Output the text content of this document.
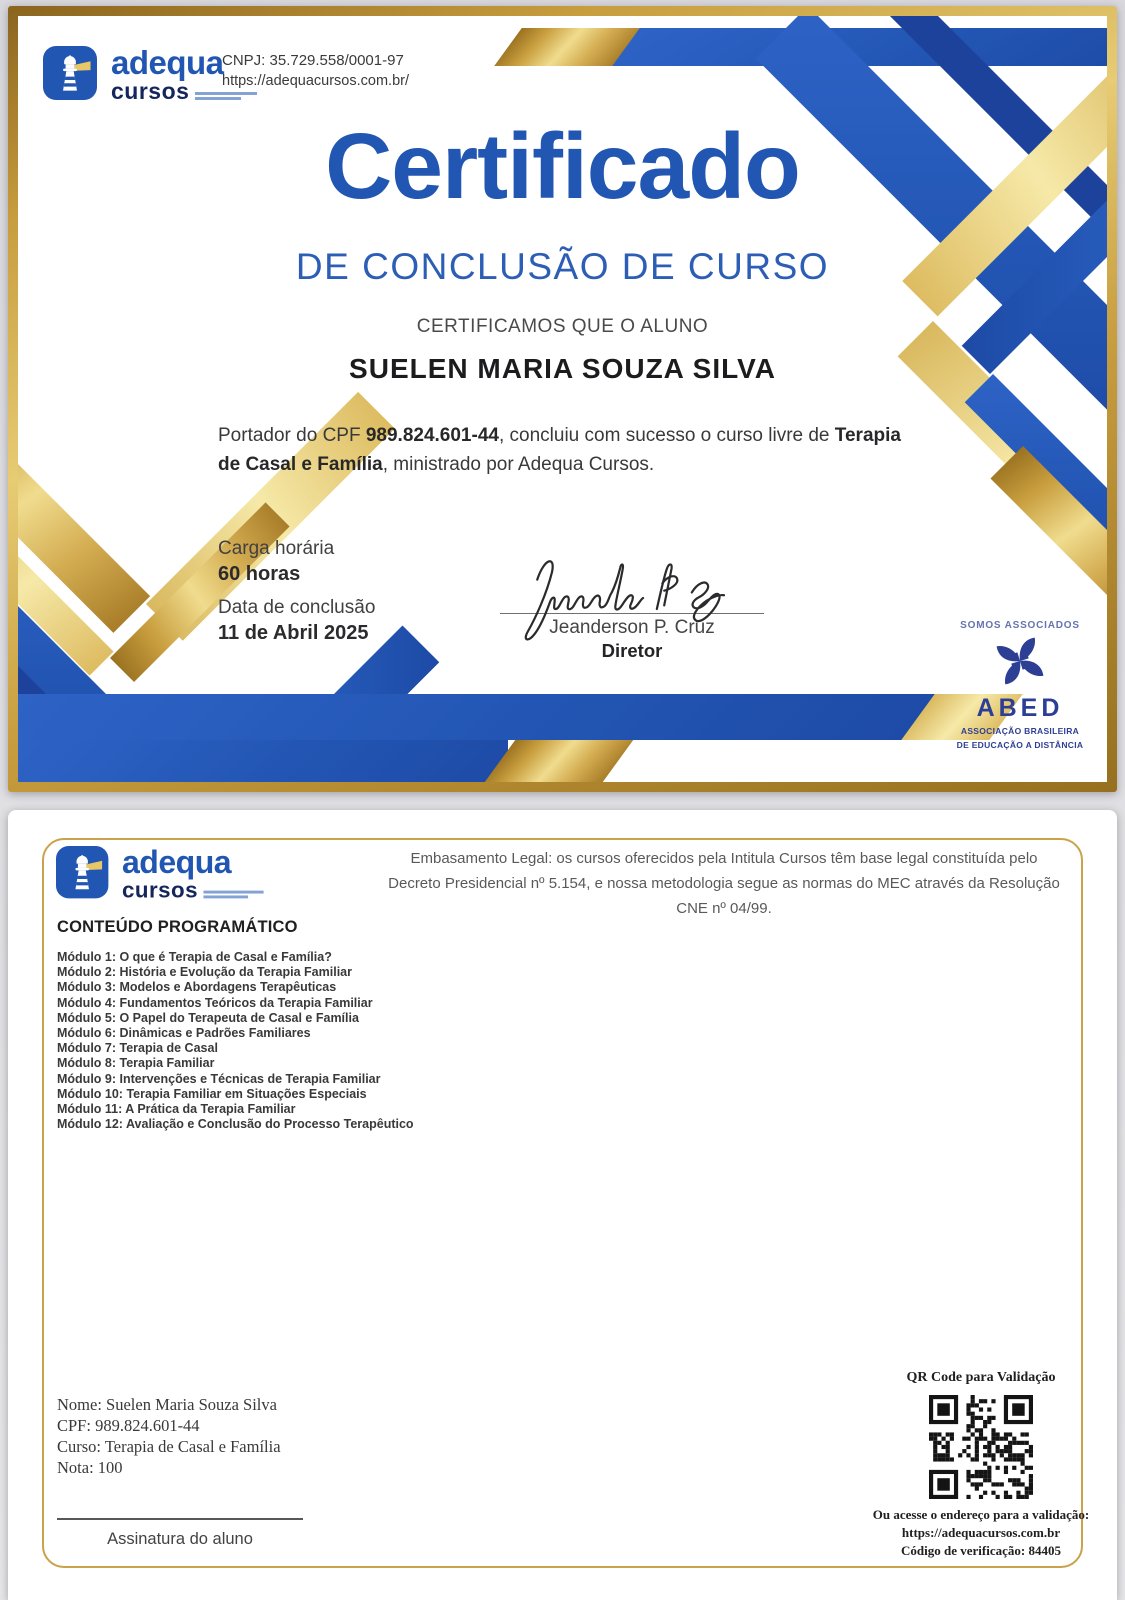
adequa
cursos
CNPJ: 35.729.558/0001-97
https://adequacursos.com.br/
Certificado
DE CONCLUSÃO DE CURSO

CERTIFICAMOS QUE O ALUNO

SUELEN MARIA SOUZA SILVA

Portador do CPF 989.824.601-44, concluiu com sucesso o curso livre de Terapia de Casal e Família, ministrado por Adequa Cursos.

Carga horária
60 horas
Data de conclusão
11 de Abril 2025	Jeanderson P. Cruz
Diretor
SOMOS ASSOCIADOS
ABED
ASSOCIAÇÃO BRASILEIRA
DE EDUCAÇÃO A DISTÂNCIA
adequa
cursos

Embasamento Legal: os cursos oferecidos pela Intitula Cursos têm base legal constituída pelo Decreto Presidencial nº 5.154, e nossa metodologia segue as normas do MEC através da Resolução CNE nº 04/99.

CONTEÚDO PROGRAMÁTICO
Módulo 1: O que é Terapia de Casal e Família?
Módulo 2: História e Evolução da Terapia Familiar
Módulo 3: Modelos e Abordagens Terapêuticas
Módulo 4: Fundamentos Teóricos da Terapia Familiar
Módulo 5: O Papel do Terapeuta de Casal e Família
Módulo 6: Dinâmicas e Padrões Familiares
Módulo 7: Terapia de Casal
Módulo 8: Terapia Familiar
Módulo 9: Intervenções e Técnicas de Terapia Familiar
Módulo 10: Terapia Familiar em Situações Especiais
Módulo 11: A Prática da Terapia Familiar
Módulo 12: Avaliação e Conclusão do Processo Terapêutico
Nome: Suelen Maria Souza Silva
CPF: 989.824.601-44
Curso: Terapia de Casal e Família
Nota: 100
Assinatura do aluno
QR Code para Validação
Ou acesse o endereço para a validação:
https://adequacursos.com.br
Código de verificação: 84405
